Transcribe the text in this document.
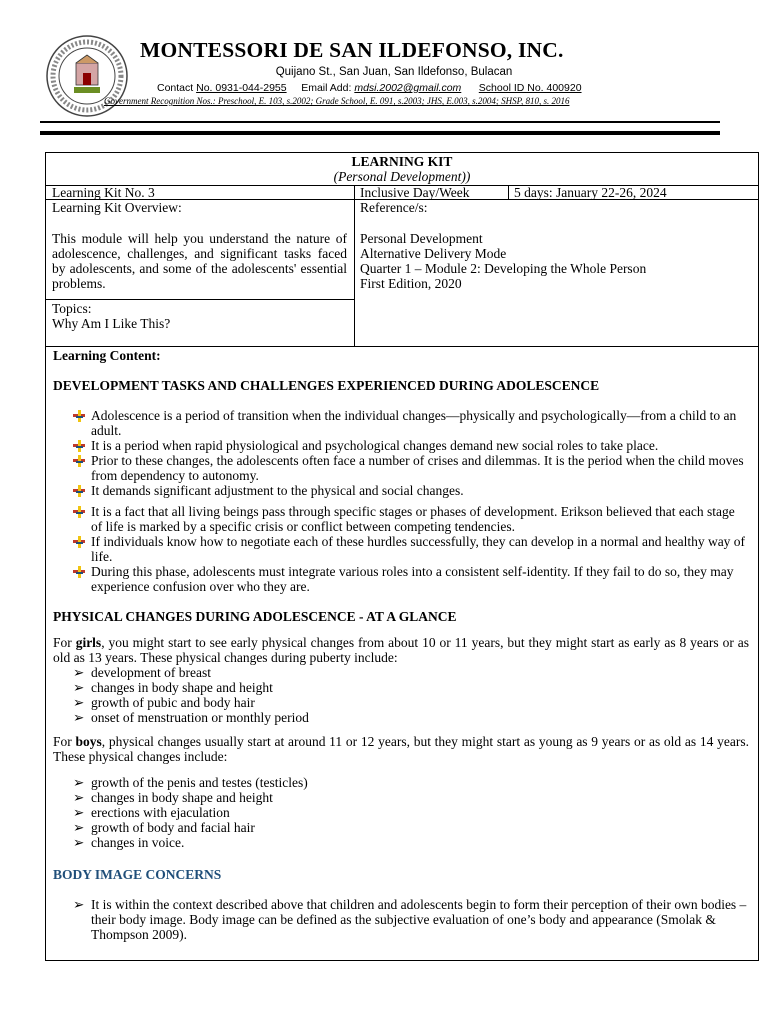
MONTESSORI DE SAN ILDEFONSO, INC.
Quijano St., San Juan, San Ildefonso, Bulacan
Contact No. 0931-044-2955 Email Add: mdsi.2002@gmail.com School ID No. 400920
Government Recognition Nos.: Preschool, E. 103, s.2002; Grade School, E. 091, s.2003; JHS, E.003, s.2004; SHSP, 810, s. 2016
LEARNING KIT
(Personal Development))
Learning Kit No. 3	Inclusive Day/Week	5 days: January 22-26, 2024
Learning Kit Overview:
This module will help you understand the nature of adolescence, challenges, and significant tasks faced by adolescents, and some of the adolescents' essential problems.
Reference/s:
Personal Development
Alternative Delivery Mode
Quarter 1 – Module 2: Developing the Whole Person
First Edition, 2020
Topics:
Why Am I Like This?
Learning Content:
DEVELOPMENT TASKS AND CHALLENGES EXPERIENCED DURING ADOLESCENCE
Adolescence is a period of transition when the individual changes—physically and psychologically—from a child to an adult.
It is a period when rapid physiological and psychological changes demand new social roles to take place.
Prior to these changes, the adolescents often face a number of crises and dilemmas. It is the period when the child moves from dependency to autonomy.
It demands significant adjustment to the physical and social changes.
It is a fact that all living beings pass through specific stages or phases of development. Erikson believed that each stage of life is marked by a specific crisis or conflict between competing tendencies.
If individuals know how to negotiate each of these hurdles successfully, they can develop in a normal and healthy way of life.
During this phase, adolescents must integrate various roles into a consistent self-identity. If they fail to do so, they may experience confusion over who they are.
PHYSICAL CHANGES DURING ADOLESCENCE - AT A GLANCE
For girls, you might start to see early physical changes from about 10 or 11 years, but they might start as early as 8 years or as old as 13 years. These physical changes during puberty include:
➢ development of breast
➢ changes in body shape and height
➢ growth of pubic and body hair
➢ onset of menstruation or monthly period
For boys, physical changes usually start at around 11 or 12 years, but they might start as young as 9 years or as old as 14 years. These physical changes include:
➢ growth of the penis and testes (testicles)
➢ changes in body shape and height
➢ erections with ejaculation
➢ growth of body and facial hair
➢ changes in voice.
BODY IMAGE CONCERNS
➢ It is within the context described above that children and adolescents begin to form their perception of their own bodies – their body image. Body image can be defined as the subjective evaluation of one’s body and appearance (Smolak & Thompson 2009).
